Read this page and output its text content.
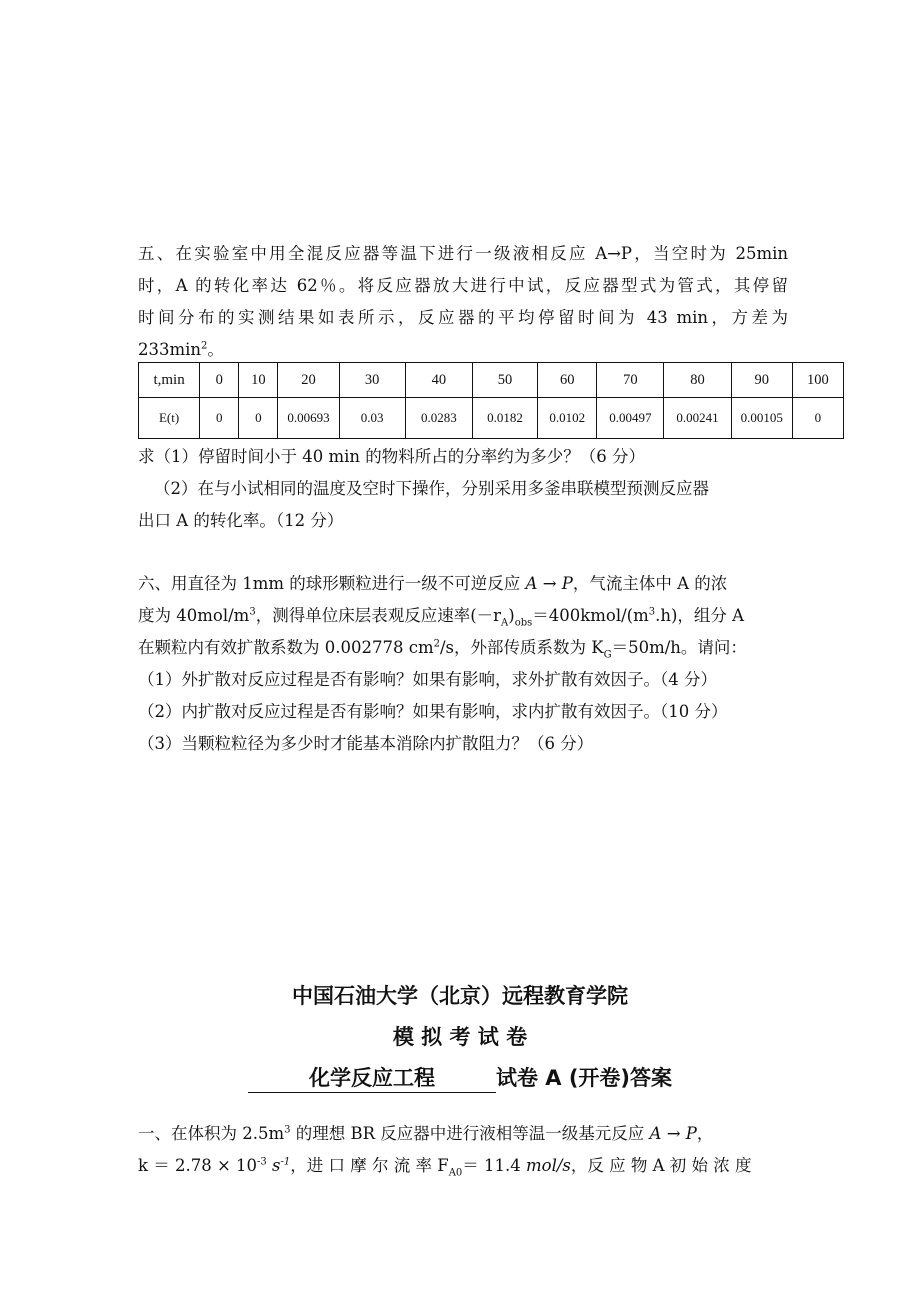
五、在实验室中用全混反应器等温下进行一级液相反应 A→P，当空时为 25min
时，A 的转化率达 62％。将反应器放大进行中试，反应器型式为管式，其停留
时间分布的实测结果如表所示，反应器的平均停留时间为 43 min，方差为
$233\min^2$。
t,min	0	10	20	30	40	50	60	70	80	90	100
E(t)	0	0	0.00693	0.03	0.0283	0.0182	0.0102	0.00497	0.00241	0.00105	0
求（1）停留时间小于 40 min 的物料所占的分率约为多少？（6 分）
（2）在与小试相同的温度及空时下操作，分别采用多釜串联模型预测反应器
出口 A 的转化率。（12 分）
六、用直径为 1mm 的球形颗粒进行一级不可逆反应 A → P，气流主体中 A 的浓
度为 $40mol/m^3$，测得单位床层表观反应速率$(-r_A)_{obs}=400kmol/(m^3.h)$，组分 A
在颗粒内有效扩散系数为 0.002778 $cm^2/s$，外部传质系数为 $K_G=50m/h$。请问：
（1）外扩散对反应过程是否有影响？如果有影响，求外扩散有效因子。（4 分）
（2）内扩散对反应过程是否有影响？如果有影响，求内扩散有效因子。（10 分）
（3）当颗粒粒径为多少时才能基本消除内扩散阻力？（6 分）
中国石油大学（北京）远程教育学院
模 拟 考 试 卷
化学反应工程	试卷 A (开卷)答案
一、在体积为 $2.5m^3$ 的理想 BR 反应器中进行液相等温一级基元反应 A → P，
$k = 2.78 \times 10^{-3}$ $s^{-1}$，进 口 摩 尔 流 率 $F_{A0}= 11.4$ mol/s，反 应 物 A 初 始 浓 度
